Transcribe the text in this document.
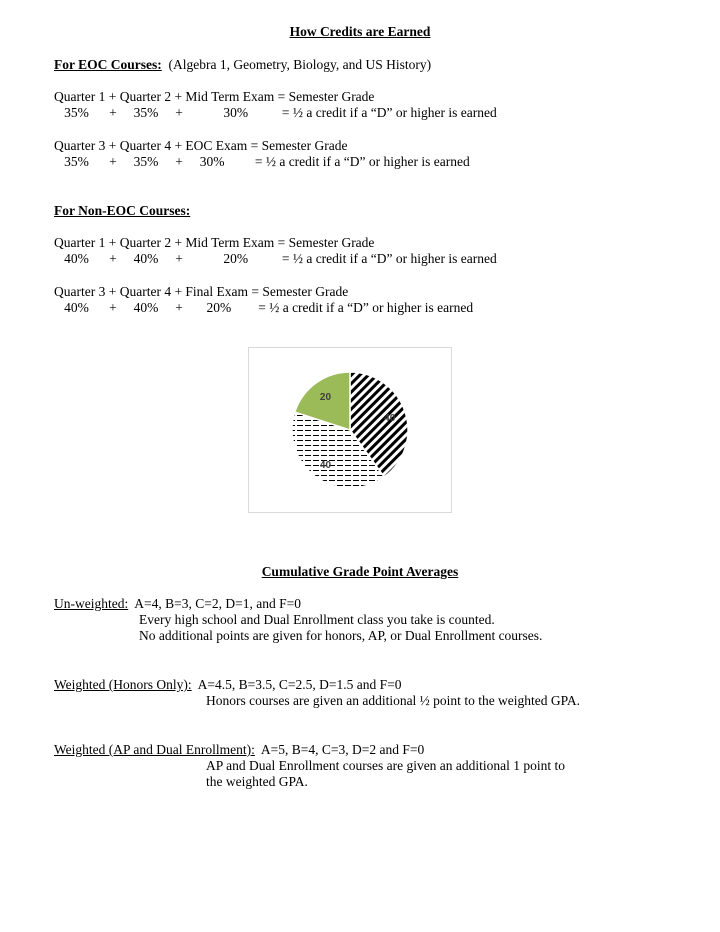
How Credits are Earned
For EOC Courses: (Algebra 1, Geometry, Biology, and US History)
Quarter 1 + Quarter 2 + Mid Term Exam = Semester Grade
35%      +     35%     +            30%          = ½ a credit if a “D” or higher is earned
Quarter 3 + Quarter 4 + EOC Exam = Semester Grade
35%      +     35%     +     30%         = ½ a credit if a “D” or higher is earned
For Non-EOC Courses:
Quarter 1 + Quarter 2 + Mid Term Exam = Semester Grade
40%      +     40%     +            20%          = ½ a credit if a “D” or higher is earned
Quarter 3 + Quarter 4 + Final Exam = Semester Grade
40%      +     40%     +       20%        = ½ a credit if a “D” or higher is earned
40
40
20
Cumulative Grade Point Averages
Un-weighted: A=4, B=3, C=2, D=1, and F=0
Every high school and Dual Enrollment class you take is counted.
No additional points are given for honors, AP, or Dual Enrollment courses.
Weighted (Honors Only): A=4.5, B=3.5, C=2.5, D=1.5 and F=0
Honors courses are given an additional ½ point to the weighted GPA.
Weighted (AP and Dual Enrollment): A=5, B=4, C=3, D=2 and F=0
AP and Dual Enrollment courses are given an additional 1 point to
the weighted GPA.
